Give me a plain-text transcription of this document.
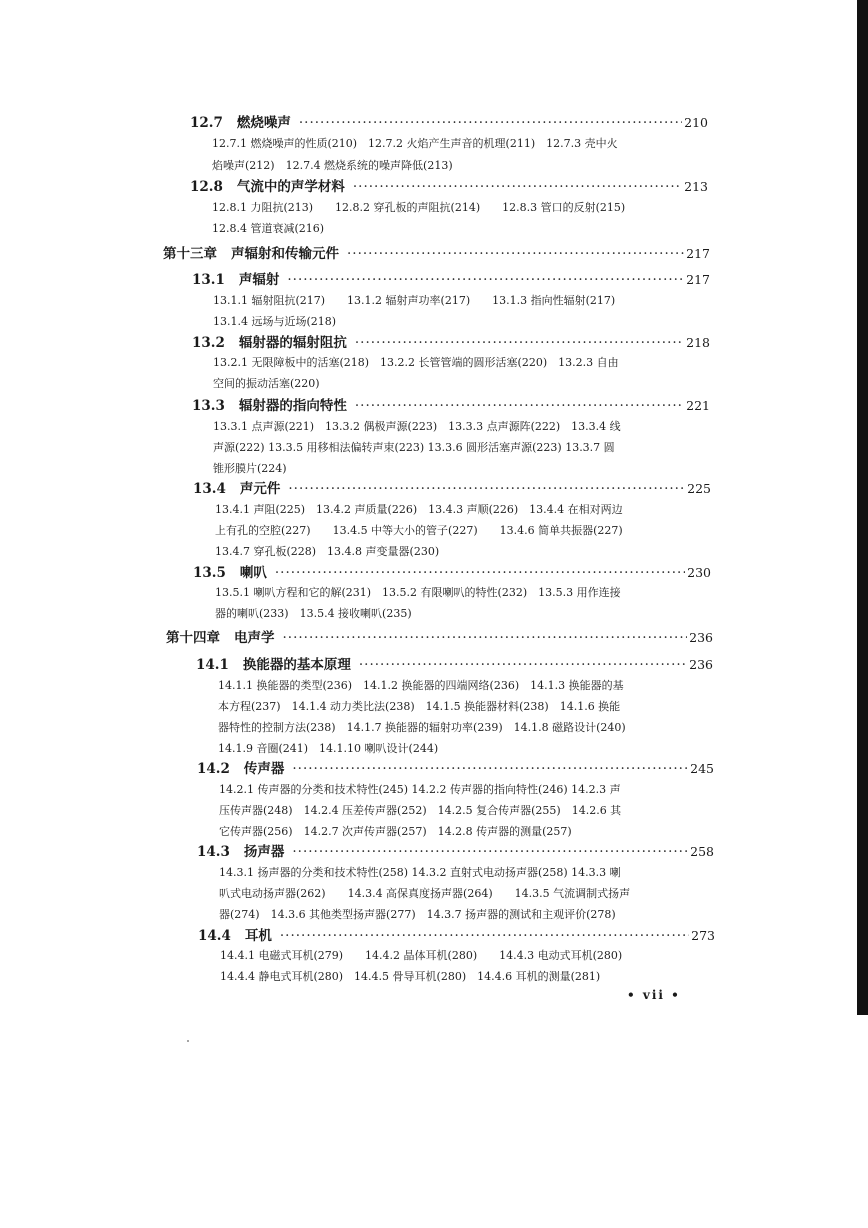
12.7 燃烧噪声 ·····	210
12.7.1 燃烧噪声的性质(210)　12.7.2 火焰产生声音的机理(211)　12.7.3 壳中火
焰噪声(212)　12.7.4 燃烧系统的噪声降低(213)
12.8 气流中的声学材料 ·····	213
12.8.1 力阻抗(213)　　12.8.2 穿孔板的声阻抗(214)　　12.8.3 管口的反射(215)
12.8.4 管道衰减(216)
第十三章 声辐射和传输元件 ·····	217
13.1 声辐射 ·····	217
13.1.1 辐射阻抗(217)　　13.1.2 辐射声功率(217)　　13.1.3 指向性辐射(217)
13.1.4 远场与近场(218)
13.2 辐射器的辐射阻抗 ·····	218
13.2.1 无限障板中的活塞(218)　13.2.2 长管管端的圆形活塞(220)　13.2.3 自由
空间的振动活塞(220)
13.3 辐射器的指向特性 ·····	221
13.3.1 点声源(221)　13.3.2 偶极声源(223)　13.3.3 点声源阵(222)　13.3.4 线
声源(222) 13.3.5 用移相法偏转声束(223) 13.3.6 圆形活塞声源(223) 13.3.7 圆
锥形膜片(224)
13.4 声元件 ·····	225
13.4.1 声阻(225)　13.4.2 声质量(226)　13.4.3 声顺(226)　13.4.4 在相对两边
上有孔的空腔(227)　　13.4.5 中等大小的管子(227)　　13.4.6 简单共振器(227)
13.4.7 穿孔板(228)　13.4.8 声变量器(230)
13.5 喇叭 ·····	230
13.5.1 喇叭方程和它的解(231)　13.5.2 有限喇叭的特性(232)　13.5.3 用作连接
器的喇叭(233)　13.5.4 接收喇叭(235)
第十四章 电声学 ·····	236
14.1 换能器的基本原理 ·····	236
14.1.1 换能器的类型(236)　14.1.2 换能器的四端网络(236)　14.1.3 换能器的基
本方程(237)　14.1.4 动力类比法(238)　14.1.5 换能器材料(238)　14.1.6 换能
器特性的控制方法(238)　14.1.7 换能器的辐射功率(239)　14.1.8 磁路设计(240)
14.1.9 音圈(241)　14.1.10 喇叭设计(244)
14.2 传声器 ·····	245
14.2.1 传声器的分类和技术特性(245) 14.2.2 传声器的指向特性(246) 14.2.3 声
压传声器(248)　14.2.4 压差传声器(252)　14.2.5 复合传声器(255)　14.2.6 其
它传声器(256)　14.2.7 次声传声器(257)　14.2.8 传声器的测量(257)
14.3 扬声器 ·····	258
14.3.1 扬声器的分类和技术特性(258) 14.3.2 直射式电动扬声器(258) 14.3.3 喇
叭式电动扬声器(262)　　14.3.4 高保真度扬声器(264)　　14.3.5 气流调制式扬声
器(274)　14.3.6 其他类型扬声器(277)　14.3.7 扬声器的测试和主观评价(278)
14.4 耳机 ·····	273
14.4.1 电磁式耳机(279)　　14.4.2 晶体耳机(280)　　14.4.3 电动式耳机(280)
14.4.4 静电式耳机(280)　14.4.5 骨导耳机(280)　14.4.6 耳机的测量(281)
• vii •
